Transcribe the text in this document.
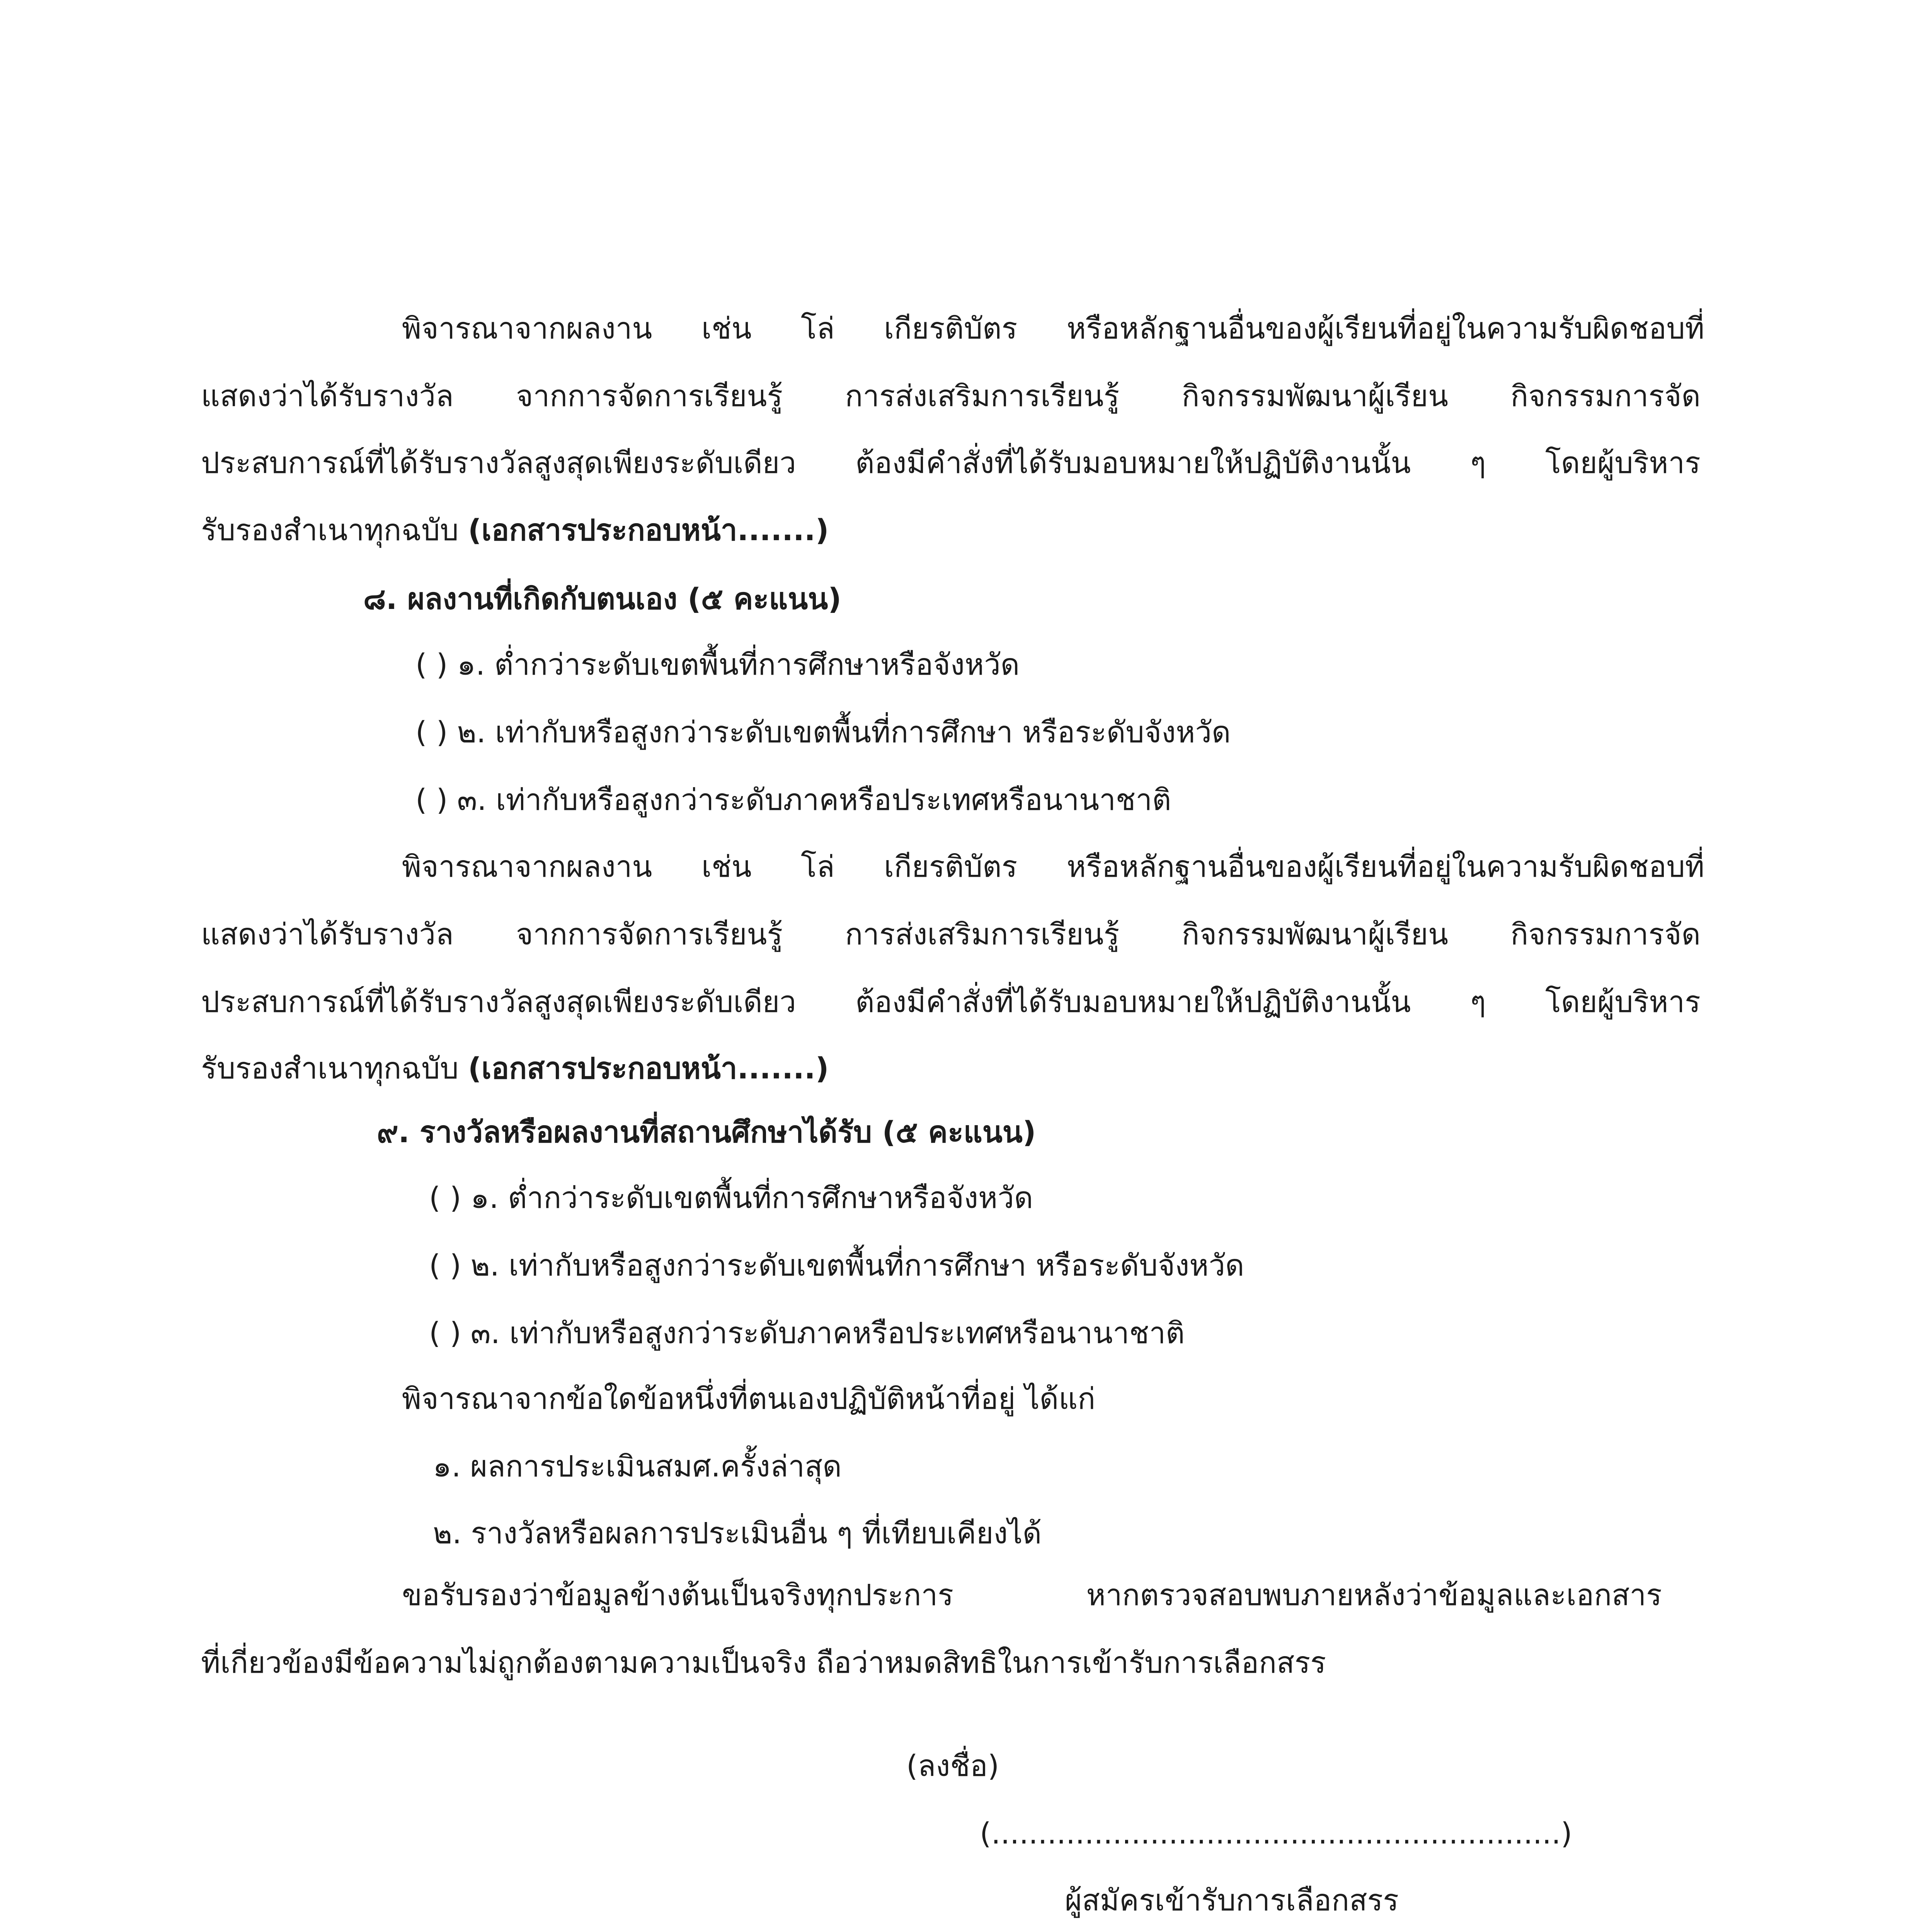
พิจารณาจากผลงาน เช่น โล่ เกียรติบัตร หรือหลักฐานอื่นของผู้เรียนที่อยู่ในความรับผิดชอบที่
แสดงว่าได้รับรางวัล จากการจัดการเรียนรู้ การส่งเสริมการเรียนรู้ กิจกรรมพัฒนาผู้เรียน กิจกรรมการจัด
ประสบการณ์ที่ได้รับรางวัลสูงสุดเพียงระดับเดียว ต้องมีคำสั่งที่ได้รับมอบหมายให้ปฏิบัติงานนั้น ๆ โดยผู้บริหาร
รับรองสำเนาทุกฉบับ (เอกสารประกอบหน้า.......)
๘. ผลงานที่เกิดกับตนเอง (๕ คะแนน)
( ) ๑. ต่ำกว่าระดับเขตพื้นที่การศึกษาหรือจังหวัด
( ) ๒. เท่ากับหรือสูงกว่าระดับเขตพื้นที่การศึกษา หรือระดับจังหวัด
( ) ๓. เท่ากับหรือสูงกว่าระดับภาคหรือประเทศหรือนานาชาติ
พิจารณาจากผลงาน เช่น โล่ เกียรติบัตร หรือหลักฐานอื่นของผู้เรียนที่อยู่ในความรับผิดชอบที่
แสดงว่าได้รับรางวัล จากการจัดการเรียนรู้ การส่งเสริมการเรียนรู้ กิจกรรมพัฒนาผู้เรียน กิจกรรมการจัด
ประสบการณ์ที่ได้รับรางวัลสูงสุดเพียงระดับเดียว ต้องมีคำสั่งที่ได้รับมอบหมายให้ปฏิบัติงานนั้น ๆ โดยผู้บริหาร
รับรองสำเนาทุกฉบับ (เอกสารประกอบหน้า.......)
๙. รางวัลหรือผลงานที่สถานศึกษาได้รับ (๕ คะแนน)
( ) ๑. ต่ำกว่าระดับเขตพื้นที่การศึกษาหรือจังหวัด
( ) ๒. เท่ากับหรือสูงกว่าระดับเขตพื้นที่การศึกษา หรือระดับจังหวัด
( ) ๓. เท่ากับหรือสูงกว่าระดับภาคหรือประเทศหรือนานาชาติ
พิจารณาจากข้อใดข้อหนึ่งที่ตนเองปฏิบัติหน้าที่อยู่ ได้แก่
๑. ผลการประเมินสมศ.ครั้งล่าสุด
๒. รางวัลหรือผลการประเมินอื่น ๆ ที่เทียบเคียงได้
ขอรับรองว่าข้อมูลข้างต้นเป็นจริงทุกประการ หากตรวจสอบพบภายหลังว่าข้อมูลและเอกสาร
ที่เกี่ยวข้องมีข้อความไม่ถูกต้องตามความเป็นจริง ถือว่าหมดสิทธิในการเข้ารับการเลือกสรร
(ลงชื่อ)
(.............................................................)
ผู้สมัครเข้ารับการเลือกสรร
